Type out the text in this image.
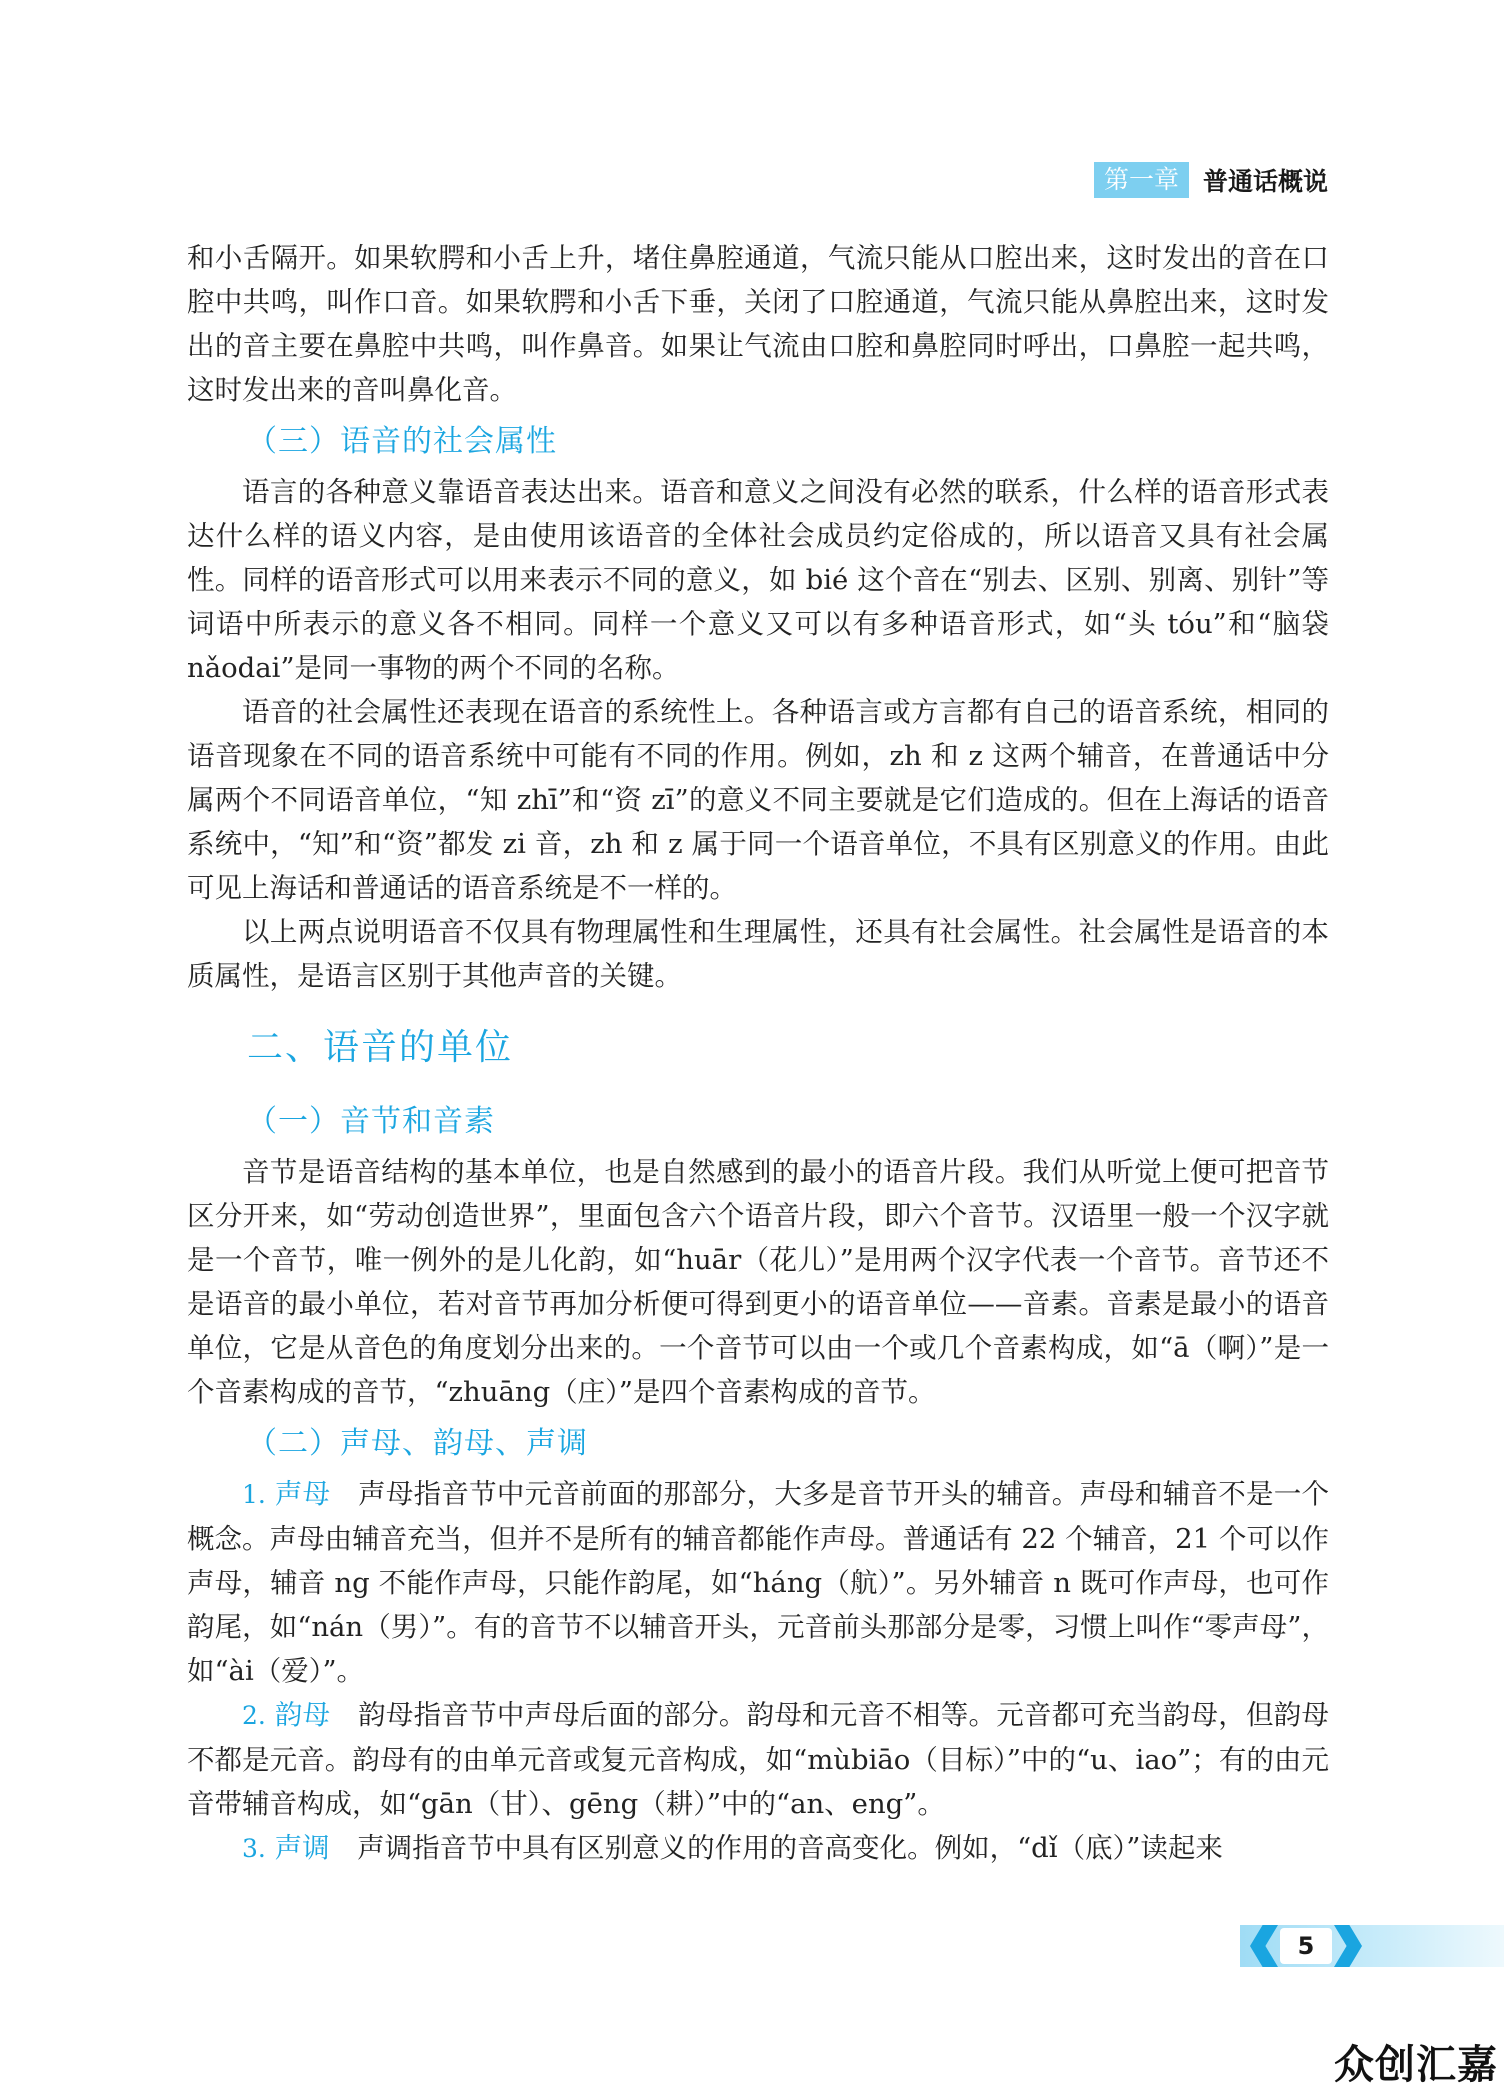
第一章 普通话概说

和小舌隔开。如果软腭和小舌上升，堵住鼻腔通道，气流只能从口腔出来，这时发出的音在口腔中共鸣，叫作口音。如果软腭和小舌下垂，关闭了口腔通道，气流只能从鼻腔出来，这时发出的音主要在鼻腔中共鸣，叫作鼻音。如果让气流由口腔和鼻腔同时呼出，口鼻腔一起共鸣，这时发出来的音叫鼻化音。

（三）语音的社会属性

语言的各种意义靠语音表达出来。语音和意义之间没有必然的联系，什么样的语音形式表达什么样的语义内容，是由使用该语音的全体社会成员约定俗成的，所以语音又具有社会属性。同样的语音形式可以用来表示不同的意义，如 bié 这个音在“别去、区别、别离、别针”等词语中所表示的意义各不相同。同样一个意义又可以有多种语音形式，如“头 tóu”和“脑袋 nǎodai”是同一事物的两个不同的名称。

语音的社会属性还表现在语音的系统性上。各种语言或方言都有自己的语音系统，相同的语音现象在不同的语音系统中可能有不同的作用。例如，zh 和 z 这两个辅音，在普通话中分属两个不同语音单位，“知 zhī”和“资 zī”的意义不同主要就是它们造成的。但在上海话的语音系统中，“知”和“资”都发 zi 音，zh 和 z 属于同一个语音单位，不具有区别意义的作用。由此可见上海话和普通话的语音系统是不一样的。

以上两点说明语音不仅具有物理属性和生理属性，还具有社会属性。社会属性是语音的本质属性，是语言区别于其他声音的关键。

二、语音的单位
（一）音节和音素

音节是语音结构的基本单位，也是自然感到的最小的语音片段。我们从听觉上便可把音节区分开来，如“劳动创造世界”，里面包含六个语音片段，即六个音节。汉语里一般一个汉字就是一个音节，唯一例外的是儿化韵，如“huār（花儿）”是用两个汉字代表一个音节。音节还不是语音的最小单位，若对音节再加分析便可得到更小的语音单位——音素。音素是最小的语音单位，它是从音色的角度划分出来的。一个音节可以由一个或几个音素构成，如“ā（啊）”是一个音素构成的音节，“zhuāng（庄）”是四个音素构成的音节。

（二）声母、韵母、声调

1. 声母　 声母指音节中元音前面的那部分，大多是音节开头的辅音。声母和辅音不是一个概念。声母由辅音充当，但并不是所有的辅音都能作声母。普通话有 22 个辅音，21 个可以作声母，辅音 ng 不能作声母，只能作韵尾，如“háng（航）”。另外辅音 n 既可作声母，也可作韵尾，如“nán（男）”。有的音节不以辅音开头，元音前头那部分是零，习惯上叫作“零声母”，如“ài（爱）”。

2. 韵母　 韵母指音节中声母后面的部分。韵母和元音不相等。元音都可充当韵母，但韵母不都是元音。韵母有的由单元音或复元音构成，如“mùbiāo（目标）”中的“u、iao”；有的由元音带辅音构成，如“gān（甘）、gēng（耕）”中的“an、eng”。

3. 声调　 声调指音节中具有区别意义的作用的音高变化。例如，“dǐ（底）”读起来

5
众创汇嘉
